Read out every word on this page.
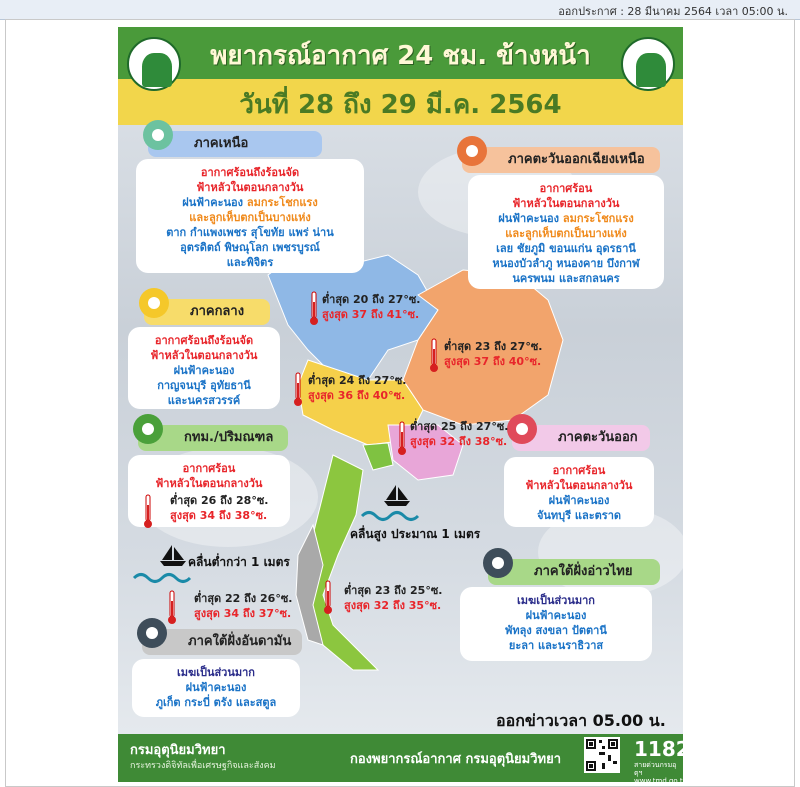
ออกประกาศ : 28 มีนาคม 2564 เวลา 05:00 น.
พยากรณ์อากาศ 24 ชม. ข้างหน้า
วันที่ 28 ถึง 29 มี.ค. 2564
ภาคเหนือ
อากาศร้อนถึงร้อนจัด
ฟ้าหลัวในตอนกลางวัน
ฝนฟ้าคะนอง ลมกระโชกแรง
และลูกเห็บตกเป็นบางแห่ง
ตาก กำแพงเพชร สุโขทัย แพร่ น่าน
อุตรดิตถ์ พิษณุโลก เพชรบูรณ์
และพิจิตร
ต่ำสุด 20 ถึง 27°ซ.
สูงสุด 37 ถึง 41°ซ.
ภาคตะวันออกเฉียงเหนือ
อากาศร้อน
ฟ้าหลัวในตอนกลางวัน
ฝนฟ้าคะนอง ลมกระโชกแรง
และลูกเห็บตกเป็นบางแห่ง
เลย ชัยภูมิ ขอนแก่น อุดรธานี
หนองบัวลำภู หนองคาย บึงกาฬ
นครพนม และสกลนคร
ต่ำสุด 23 ถึง 27°ซ.
สูงสุด 37 ถึง 40°ซ.
ภาคกลาง
อากาศร้อนถึงร้อนจัด
ฟ้าหลัวในตอนกลางวัน
ฝนฟ้าคะนอง
กาญจนบุรี อุทัยธานี
และนครสวรรค์
ต่ำสุด 24 ถึง 27°ซ.
สูงสุด 36 ถึง 40°ซ.
ภาคตะวันออก
อากาศร้อน
ฟ้าหลัวในตอนกลางวัน
ฝนฟ้าคะนอง
จันทบุรี และตราด
ต่ำสุด 25 ถึง 27°ซ.
สูงสุด 32 ถึง 38°ซ.
กทม./ปริมณฑล
อากาศร้อน
ฟ้าหลัวในตอนกลางวัน
ต่ำสุด 26 ถึง 28°ซ.
สูงสุด 34 ถึง 38°ซ.
คลื่นสูง ประมาณ 1 เมตร
ภาคใต้ฝั่งอ่าวไทย
เมฆเป็นส่วนมาก
ฝนฟ้าคะนอง
พัทลุง สงขลา ปัตตานี
ยะลา และนราธิวาส
ต่ำสุด 23 ถึง 25°ซ.
สูงสุด 32 ถึง 35°ซ.
คลื่นต่ำกว่า 1 เมตร
ต่ำสุด 22 ถึง 26°ซ.
สูงสุด 34 ถึง 37°ซ.
ภาคใต้ฝั่งอันดามัน
เมฆเป็นส่วนมาก
ฝนฟ้าคะนอง
ภูเก็ต กระบี่ ตรัง และสตูล
ออกข่าวเวลา 05.00 น.
กรมอุตุนิยมวิทยา
กระทรวงดิจิทัลเพื่อเศรษฐกิจและสังคม	กองพยากรณ์อากาศ กรมอุตุนิยมวิทยา	1182
สายด่วนกรมอุตุฯ www.tmd.go.th
